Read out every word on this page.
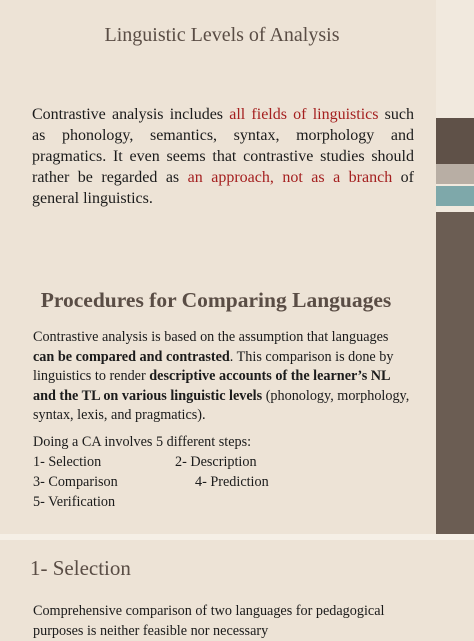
Linguistic Levels of Analysis
Contrastive analysis includes all fields of linguistics such as phonology, semantics, syntax, morphology and pragmatics. It even seems that contrastive studies should rather be regarded as an approach, not as a branch of general linguistics.
Procedures for Comparing Languages
Contrastive analysis is based on the assumption that languages can be compared and contrasted. This comparison is done by linguistics to render descriptive accounts of the learner’s NL and the TL on various linguistic levels (phonology, morphology, syntax, lexis, and pragmatics).
Doing a CA involves 5 different steps:
1- Selection	2- Description
3- Comparison	4- Prediction
5- Verification
1- Selection
Comprehensive comparison of two languages for pedagogical purposes is neither feasible nor necessary
